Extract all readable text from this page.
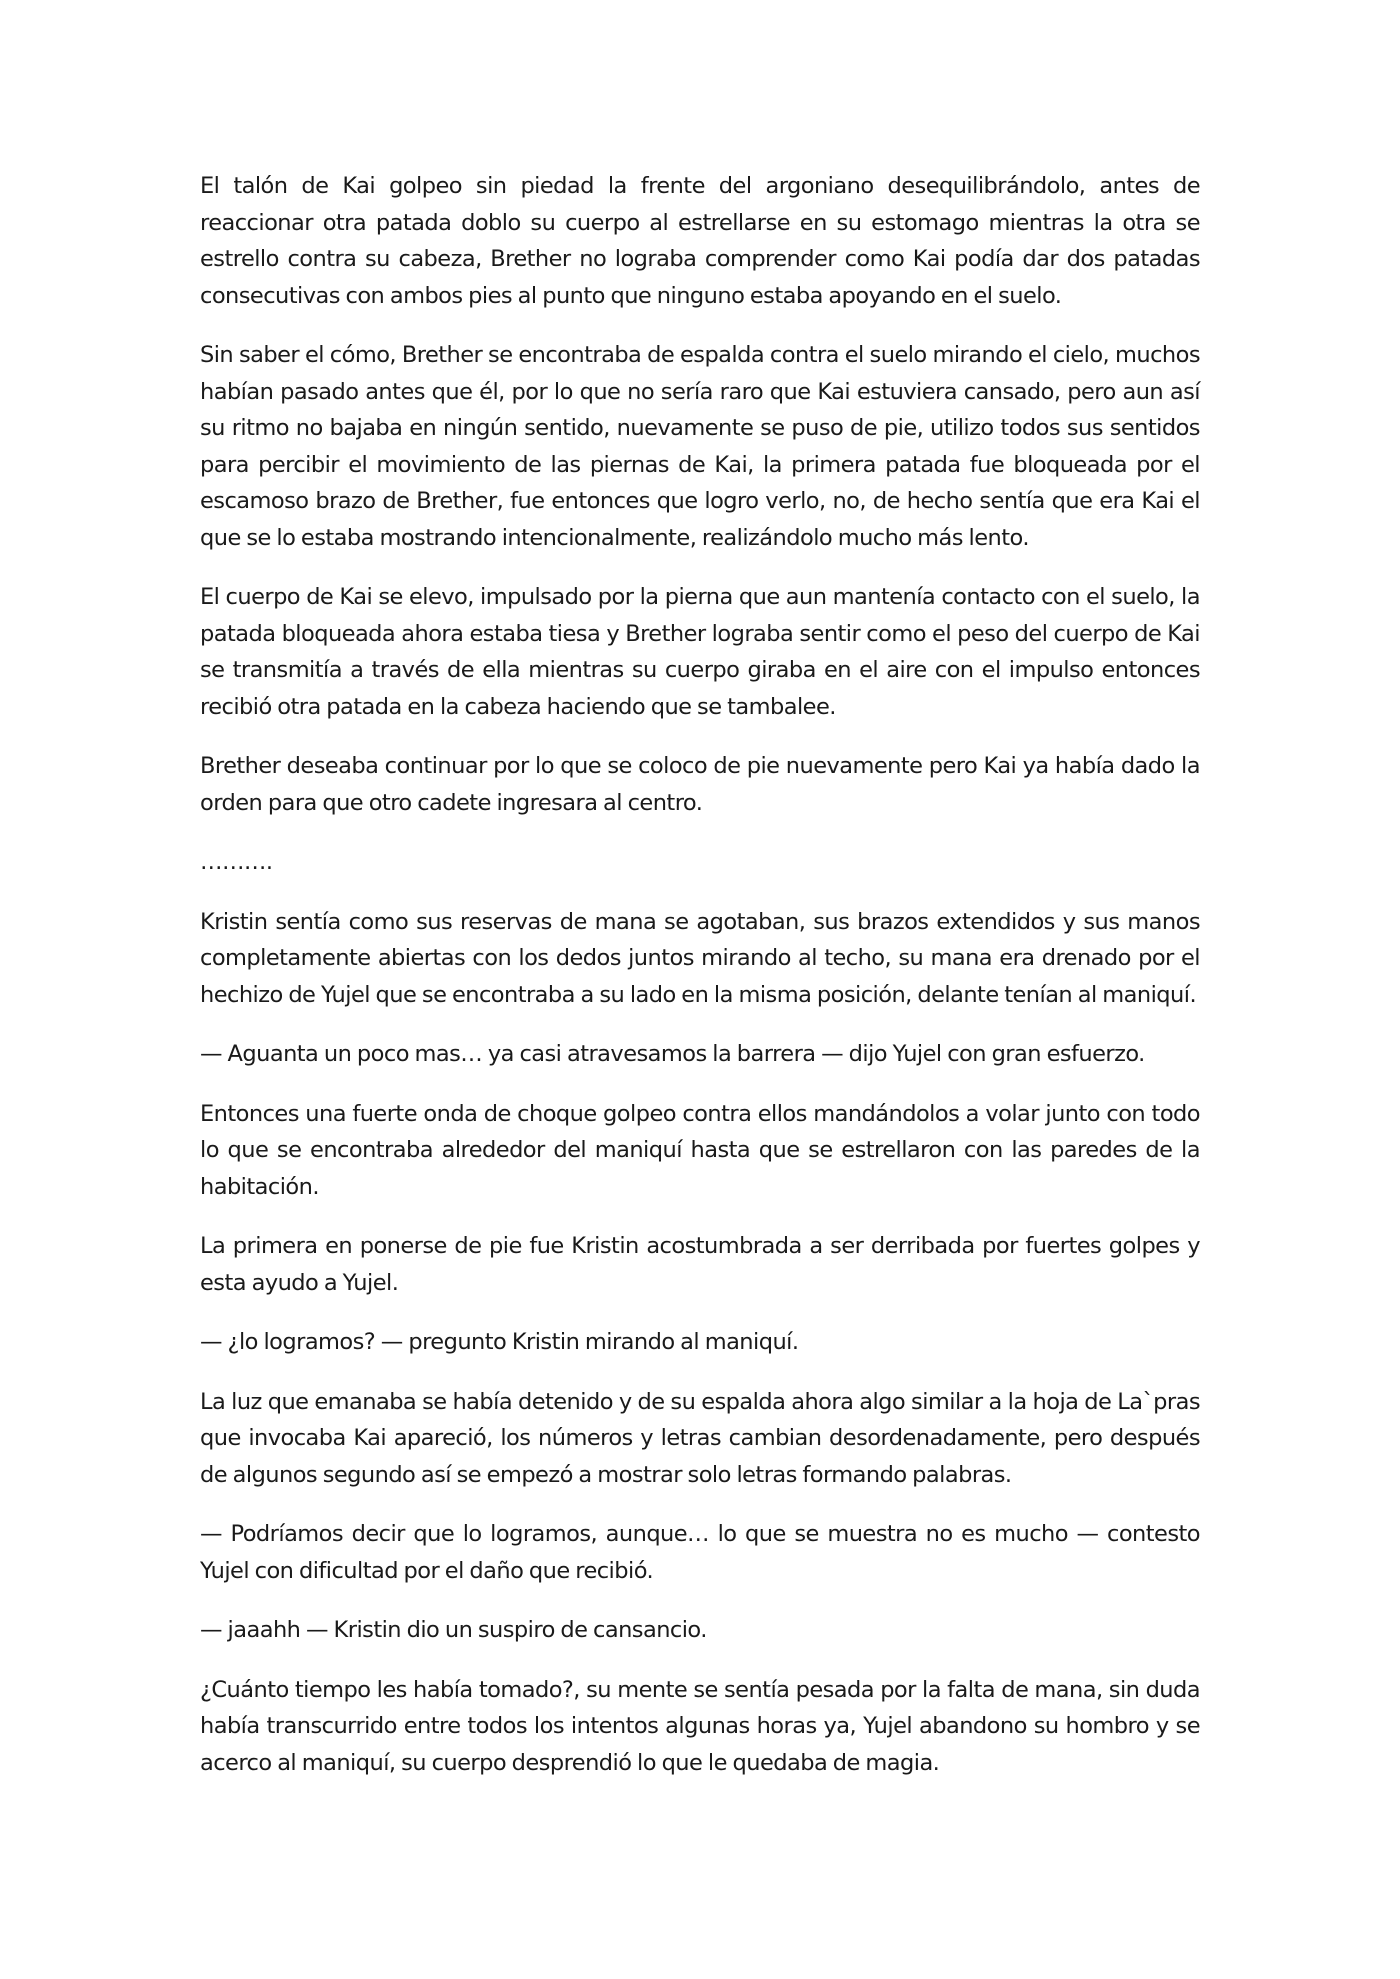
El talón de Kai golpeo sin piedad la frente del argoniano desequilibrándolo, antes de reaccionar otra patada doblo su cuerpo al estrellarse en su estomago mientras la otra se estrello contra su cabeza, Brether no lograba comprender como Kai podía dar dos patadas consecutivas con ambos pies al punto que ninguno estaba apoyando en el suelo.

Sin saber el cómo, Brether se encontraba de espalda contra el suelo mirando el cielo, muchos habían pasado antes que él, por lo que no sería raro que Kai estuviera cansado, pero aun así su ritmo no bajaba en ningún sentido, nuevamente se puso de pie, utilizo todos sus sentidos para percibir el movimiento de las piernas de Kai, la primera patada fue bloqueada por el escamoso brazo de Brether, fue entonces que logro verlo, no, de hecho sentía que era Kai el que se lo estaba mostrando intencionalmente, realizándolo mucho más lento.

El cuerpo de Kai se elevo, impulsado por la pierna que aun mantenía contacto con el suelo, la patada bloqueada ahora estaba tiesa y Brether lograba sentir como el peso del cuerpo de Kai se transmitía a través de ella mientras su cuerpo giraba en el aire con el impulso entonces recibió otra patada en la cabeza haciendo que se tambalee.

Brether deseaba continuar por lo que se coloco de pie nuevamente pero Kai ya había dado la orden para que otro cadete ingresara al centro.

……….

Kristin sentía como sus reservas de mana se agotaban, sus brazos extendidos y sus manos completamente abiertas con los dedos juntos mirando al techo, su mana era drenado por el hechizo de Yujel que se encontraba a su lado en la misma posición, delante tenían al maniquí.

— Aguanta un poco mas… ya casi atravesamos la barrera — dijo Yujel con gran esfuerzo.

Entonces una fuerte onda de choque golpeo contra ellos mandándolos a volar junto con todo lo que se encontraba alrededor del maniquí hasta que se estrellaron con las paredes de la habitación.

La primera en ponerse de pie fue Kristin acostumbrada a ser derribada por fuertes golpes y esta ayudo a Yujel.

— ¿lo logramos? — pregunto Kristin mirando al maniquí.

La luz que emanaba se había detenido y de su espalda ahora algo similar a la hoja de La`pras que invocaba Kai apareció, los números y letras cambian desordenadamente, pero después de algunos segundo así se empezó a mostrar solo letras formando palabras.

— Podríamos decir que lo logramos, aunque… lo que se muestra no es mucho — contesto Yujel con dificultad por el daño que recibió.

— jaaahh — Kristin dio un suspiro de cansancio.

¿Cuánto tiempo les había tomado?, su mente se sentía pesada por la falta de mana, sin duda había transcurrido entre todos los intentos algunas horas ya, Yujel abandono su hombro y se acerco al maniquí, su cuerpo desprendió lo que le quedaba de magia.
